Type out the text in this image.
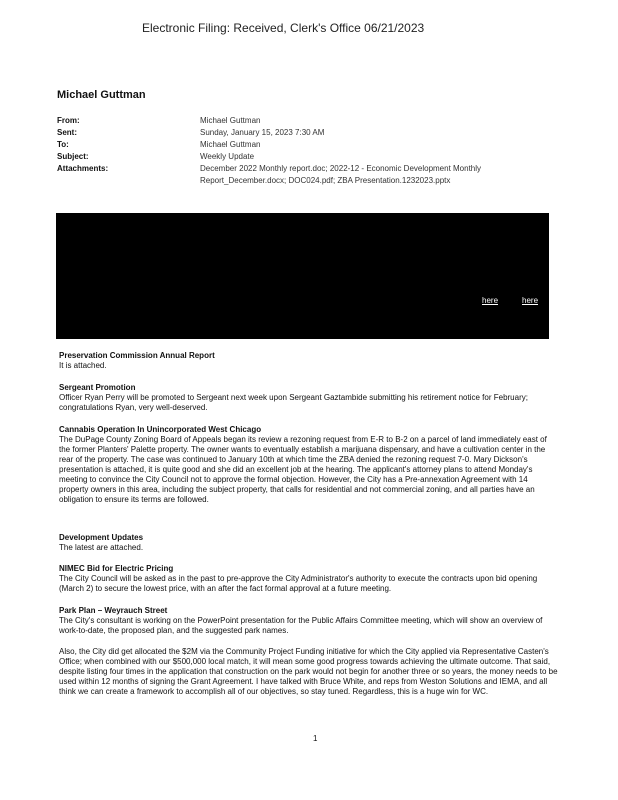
Electronic Filing: Received, Clerk's Office 06/21/2023
Michael Guttman
From:	Michael Guttman
Sent:	Sunday, January 15, 2023 7:30 AM
To:	Michael Guttman
Subject:	Weekly Update
Attachments:	December 2022 Monthly report.doc; 2022-12 - Economic Development Monthly Report_December.docx; DOC024.pdf; ZBA Presentation.1232023.pptx
here	here
Preservation Commission Annual Report

It is attached.

Sergeant Promotion

Officer Ryan Perry will be promoted to Sergeant next week upon Sergeant Gaztambide submitting his retirement notice for February; congratulations Ryan, very well-deserved.

Cannabis Operation In Unincorporated West Chicago

The DuPage County Zoning Board of Appeals began its review a rezoning request from E-R to B-2 on a parcel of land immediately east of the former Planters' Palette property. The owner wants to eventually establish a marijuana dispensary, and have a cultivation center in the rear of the property. The case was continued to January 10th at which time the ZBA denied the rezoning request 7-0. Mary Dickson's presentation is attached, it is quite good and she did an excellent job at the hearing. The applicant's attorney plans to attend Monday's meeting to convince the City Council not to approve the formal objection. However, the City has a Pre-annexation Agreement with 14 property owners in this area, including the subject property, that calls for residential and not commercial zoning, and all parties have an obligation to ensure its terms are followed.

Development Updates

The latest are attached.

NIMEC Bid for Electric Pricing

The City Council will be asked as in the past to pre-approve the City Administrator's authority to execute the contracts upon bid opening (March 2) to secure the lowest price, with an after the fact formal approval at a future meeting.

Park Plan – Weyrauch Street

The City's consultant is working on the PowerPoint presentation for the Public Affairs Committee meeting, which will show an overview of work-to-date, the proposed plan, and the suggested park names.

Also, the City did get allocated the $2M via the Community Project Funding initiative for which the City applied via Representative Casten's Office; when combined with our $500,000 local match, it will mean some good progress towards achieving the ultimate outcome. That said, despite listing four times in the application that construction on the park would not begin for another three or so years, the money needs to be used within 12 months of signing the Grant Agreement. I have talked with Bruce White, and reps from Weston Solutions and IEMA, and all think we can create a framework to accomplish all of our objectives, so stay tuned. Regardless, this is a huge win for WC.

1
